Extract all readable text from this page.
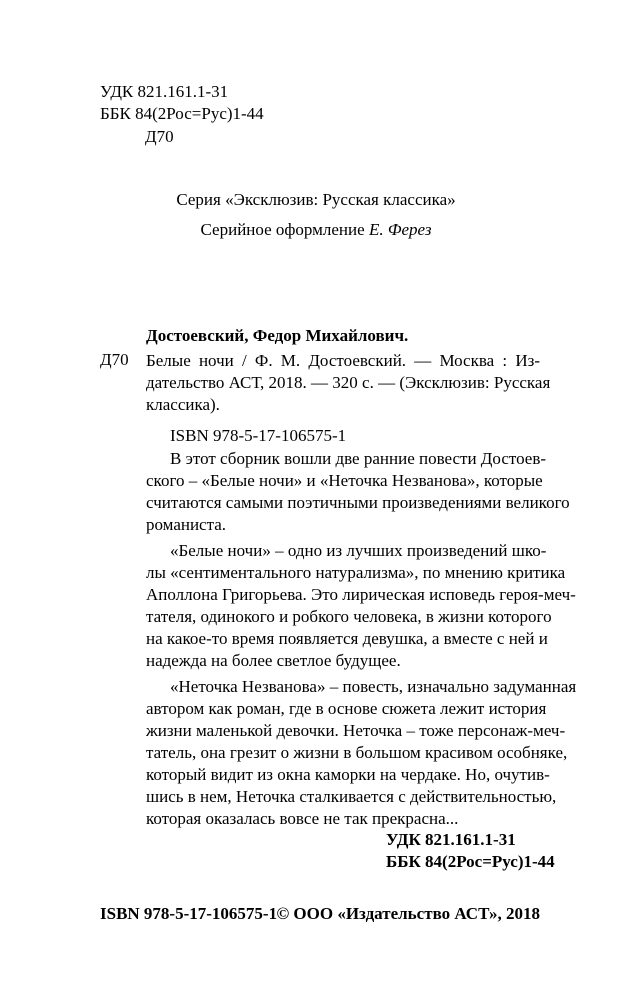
УДК 821.161.1-31
ББК 84(2Рос=Рус)1-44
Д70
Серия «Эксклюзив: Русская классика»
Серийное оформление Е. Ферез
Достоевский, Федор Михайлович.
Д70 Белые ночи / Ф. М. Достоевский. — Москва : Из-
дательство АСТ, 2018. — 320 с. — (Эксклюзив: Русская
классика).
ISBN 978-5-17-106575-1
В этот сборник вошли две ранние повести Достоев-
ского – «Белые ночи» и «Неточка Незванова», которые
считаются самыми поэтичными произведениями великого
романиста.
«Белые ночи» – одно из лучших произведений шко-
лы «сентиментального натурализма», по мнению критика
Аполлона Григорьева. Это лирическая исповедь героя-меч-
тателя, одинокого и робкого человека, в жизни которого
на какое-то время появляется девушка, а вместе с ней и
надежда на более светлое будущее.
«Неточка Незванова» – повесть, изначально задуманная
автором как роман, где в основе сюжета лежит история
жизни маленькой девочки. Неточка – тоже персонаж-меч-
татель, она грезит о жизни в большом красивом особняке,
который видит из окна каморки на чердаке. Но, очутив-
шись в нем, Неточка сталкивается с действительностью,
которая оказалась вовсе не так прекрасна...
УДК 821.161.1-31
ББК 84(2Рос=Рус)1-44
ISBN 978-5-17-106575-1 © ООО «Издательство АСТ», 2018
